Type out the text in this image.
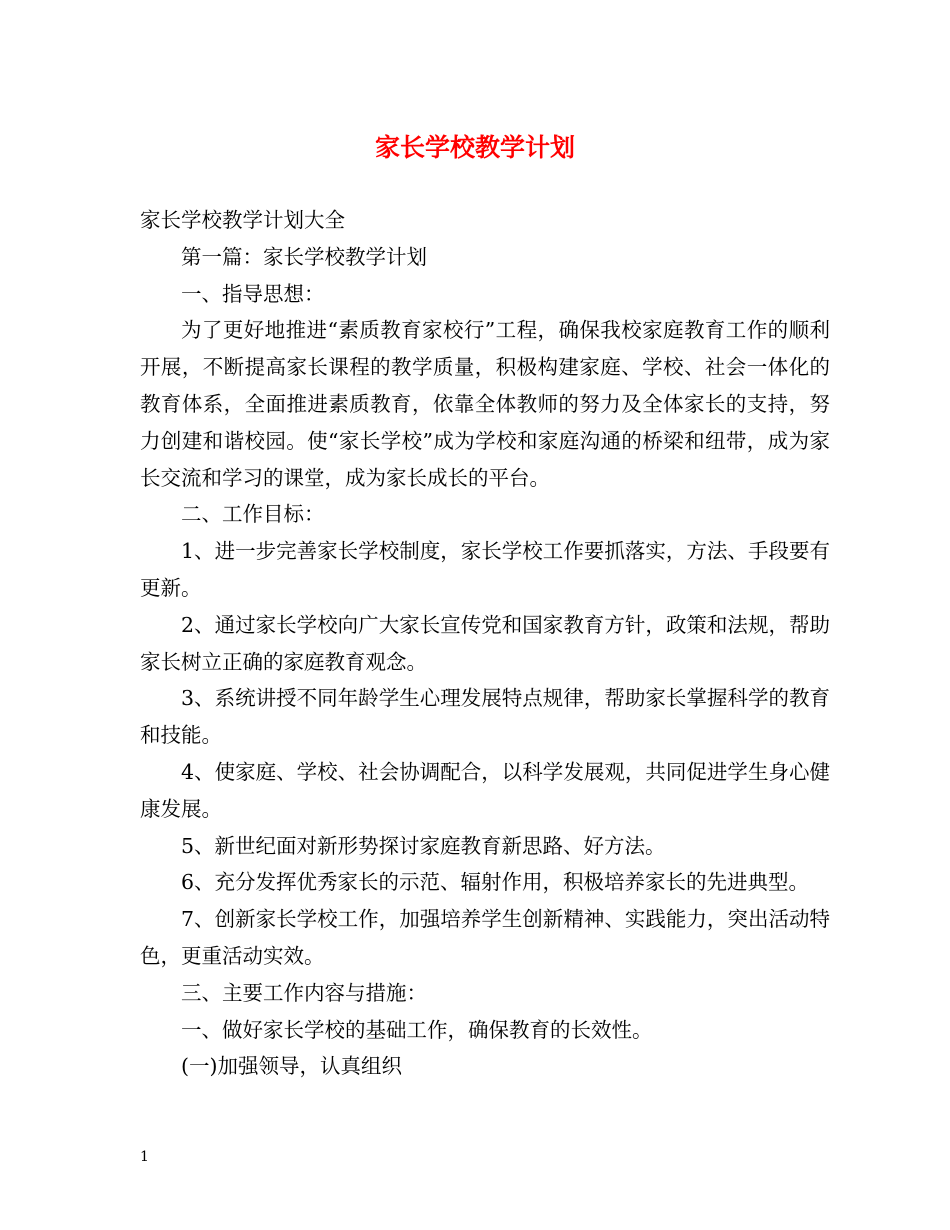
家长学校教学计划

家长学校教学计划大全

第一篇：家长学校教学计划

一、指导思想：

为了更好地推进“素质教育家校行”工程，确保我校家庭教育工作的顺利开展，不断提高家长课程的教学质量，积极构建家庭、学校、社会一体化的教育体系，全面推进素质教育，依靠全体教师的努力及全体家长的支持，努力创建和谐校园。使“家长学校”成为学校和家庭沟通的桥梁和纽带，成为家长交流和学习的课堂，成为家长成长的平台。

二、工作目标：

1、进一步完善家长学校制度，家长学校工作要抓落实，方法、手段要有更新。

2、通过家长学校向广大家长宣传党和国家教育方针，政策和法规，帮助家长树立正确的家庭教育观念。

3、系统讲授不同年龄学生心理发展特点规律，帮助家长掌握科学的教育和技能。

4、使家庭、学校、社会协调配合，以科学发展观，共同促进学生身心健康发展。

5、新世纪面对新形势探讨家庭教育新思路、好方法。

6、充分发挥优秀家长的示范、辐射作用，积极培养家长的先进典型。

7、创新家长学校工作，加强培养学生创新精神、实践能力，突出活动特色，更重活动实效。

三、主要工作内容与措施：

一、做好家长学校的基础工作，确保教育的长效性。

(一)加强领导，认真组织

1
